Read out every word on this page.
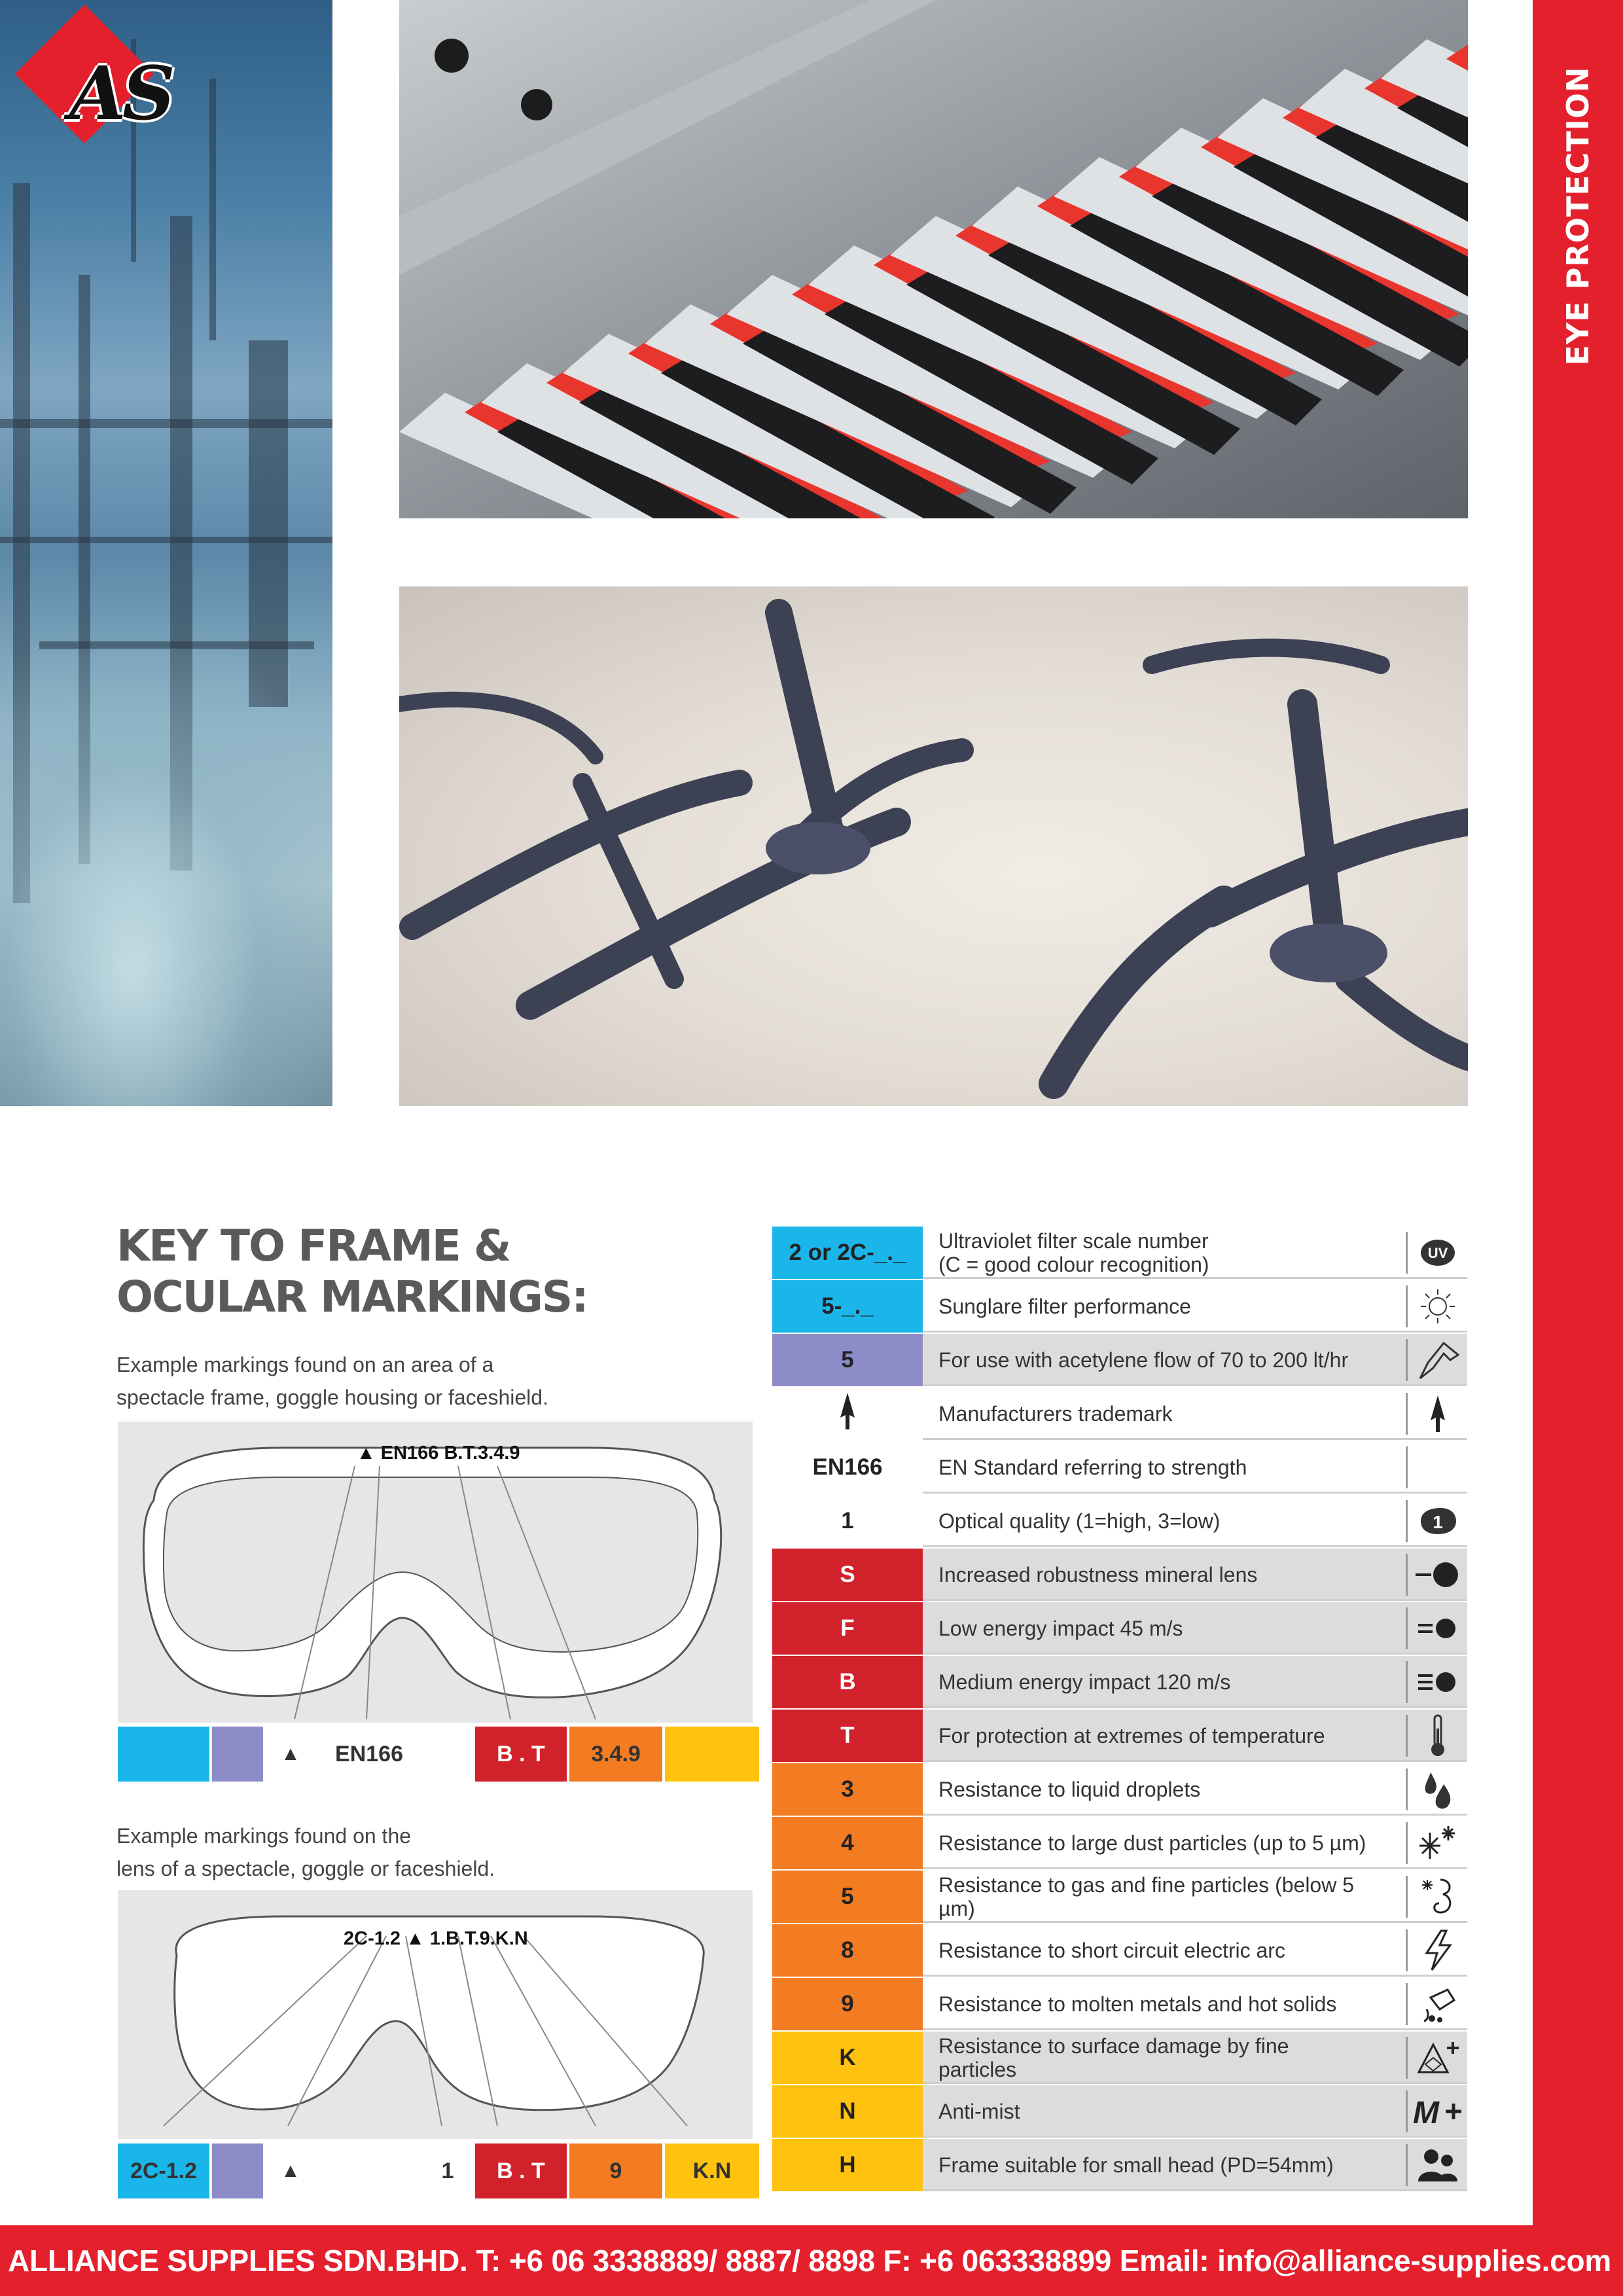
EYE PROTECTION
AS
KEY TO FRAME &
OCULAR MARKINGS:
Example markings found on an area of a
spectacle frame, goggle housing or faceshield.
▲ EN166 B.T.3.4.9
▲	EN166	B . T	3.4.9
Example markings found on the
lens of a spectacle, goggle or faceshield.
2C-1.2 ▲ 1.B.T.9.K.N
2C-1.2	▲	1	B . T	9	K.N
2 or 2C-_._	Ultraviolet filter scale number
(C = good colour recognition)	UV
5-_._	Sunglare filter performance
5	For use with acetylene flow of 70 to 200 lt/hr
Manufacturers trademark
EN166	EN Standard referring to strength
1	Optical quality (1=high, 3=low)	1
S	Increased robustness mineral lens
F	Low energy impact 45 m/s
B	Medium energy impact 120 m/s
T	For protection at extremes of temperature
3	Resistance to liquid droplets
4	Resistance to large dust particles (up to 5 µm)
5	Resistance to gas and fine particles (below 5 µm)
8	Resistance to short circuit electric arc
9	Resistance to molten metals and hot solids
K	Resistance to surface damage by fine particles
N	Anti-mist	M
H	Frame suitable for small head (PD=54mm)
ALLIANCE SUPPLIES SDN.BHD. T: +6 06 3338889/ 8887/ 8898 F: +6 063338899 Email: info@alliance-supplies.com
